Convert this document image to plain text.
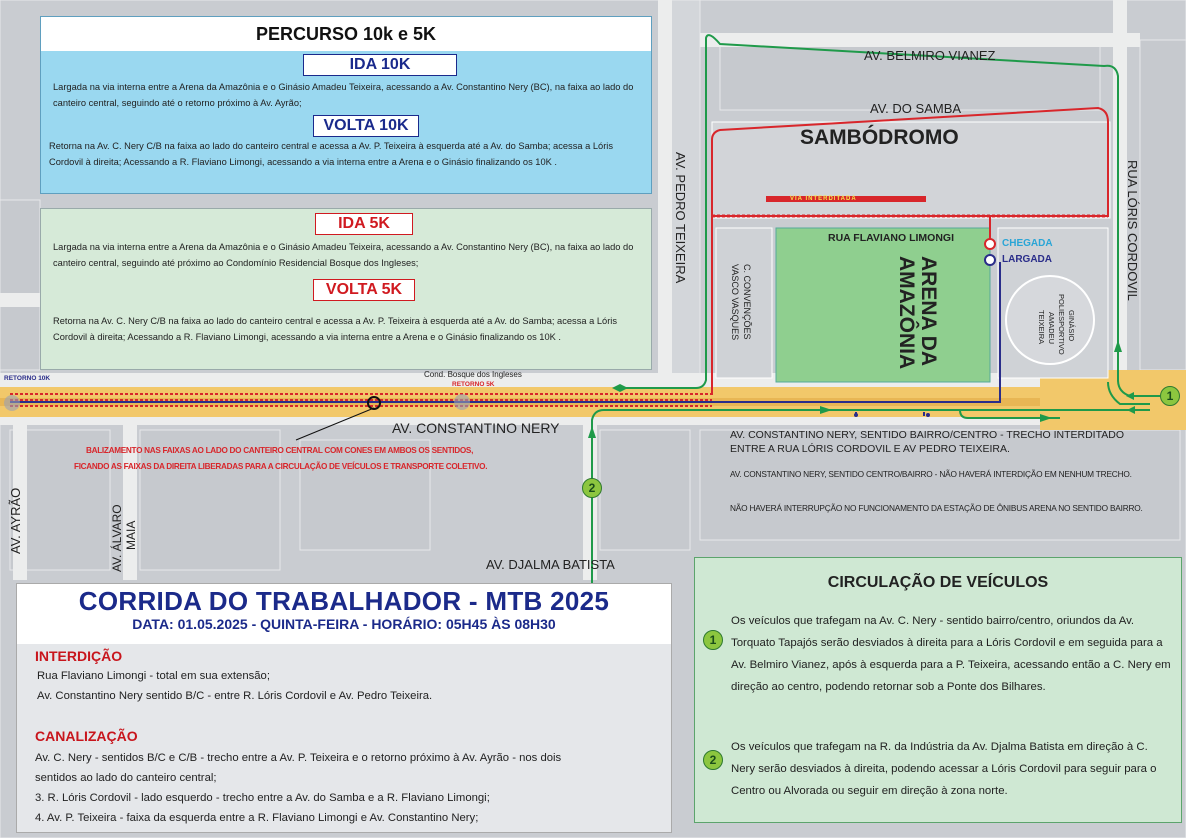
AV. BELMIRO VIANEZ
AV. DO SAMBA
SAMBÓDROMO
VIA INTERDITADA
RUA FLAVIANO LIMONGI	CHEGADA
LARGADA
ARENA DA
AMAZÔNIA
C. CONVENÇÕES
VASCO VASQUES	GINÁSIO
POLIESPORTIVO
AMADEU
TEIXEIRA
AV. PEDRO TEIXEIRA	RUA LÓRIS CORDOVIL
RETORNO 10K	Cond. Bosque dos Ingleses
RETORNO 5K
AV. CONSTANTINO NERY
BALIZAMENTO NAS FAIXAS AO LADO DO CANTEIRO CENTRAL COM CONES EM AMBOS OS SENTIDOS,
FICANDO AS FAIXAS DA DIREITA LIBERADAS PARA A CIRCULAÇÃO DE VEÍCULOS E TRANSPORTE COLETIVO.
AV. CONSTANTINO NERY, SENTIDO BAIRRO/CENTRO - TRECHO INTERDITADO
ENTRE A RUA LÓRIS CORDOVIL E AV PEDRO TEIXEIRA.
AV. CONSTANTINO NERY, SENTIDO CENTRO/BAIRRO - NÃO HAVERÁ INTERDIÇÃO EM NENHUM TRECHO.
NÃO HAVERÁ INTERRUPÇÃO NO FUNCIONAMENTO DA ESTAÇÃO DE ÔNIBUS ARENA NO SENTIDO BAIRRO.
AV. AYRÃO	AV. ÁLVARO MAIA
AV. DJALMA BATISTA
1
2
PERCURSO 10k e 5K
IDA 10K
Largada na via interna entre a Arena da Amazônia e o Ginásio Amadeu Teixeira, acessando a Av. Constantino Nery (BC), na faixa ao lado do canteiro central, seguindo até o retorno próximo à Av. Ayrão;
VOLTA 10K
Retorna na Av. C. Nery C/B na faixa ao lado do canteiro central e acessa a Av. P. Teixeira à esquerda até a Av. do Samba; acessa a Lóris Cordovil à direita; Acessando a R. Flaviano Limongi, acessando a via interna entre a Arena e o Ginásio finalizando os 10K .
IDA 5K
Largada na via interna entre a Arena da Amazônia e o Ginásio Amadeu Teixeira, acessando a Av. Constantino Nery (BC), na faixa ao lado do canteiro central, seguindo até próximo ao Condomínio Residencial Bosque dos Ingleses;
VOLTA 5K
Retorna na Av. C. Nery C/B na faixa ao lado do canteiro central e acessa a Av. P. Teixeira à esquerda até a Av. do Samba; acessa a Lóris Cordovil à direita; Acessando a R. Flaviano Limongi, acessando a via interna entre a Arena e o Ginásio finalizando os 10K .
CORRIDA DO TRABALHADOR - MTB 2025
DATA: 01.05.2025 - QUINTA-FEIRA - HORÁRIO: 05H45 ÀS 08H30
INTERDIÇÃO
Rua Flaviano Limongi - total em sua extensão;
Av. Constantino Nery sentido B/C - entre R. Lóris Cordovil e Av. Pedro Teixeira.
CANALIZAÇÃO
Av. C. Nery - sentidos B/C e C/B - trecho entre a Av. P. Teixeira e o retorno próximo à Av. Ayrão - nos dois
sentidos ao lado do canteiro central;
3. R. Lóris Cordovil - lado esquerdo - trecho entre a Av. do Samba e a R. Flaviano Limongi;
4. Av. P. Teixeira - faixa da esquerda entre a R. Flaviano Limongi e Av. Constantino Nery;
CIRCULAÇÃO DE VEÍCULOS
1
Os veículos que trafegam na Av. C. Nery - sentido bairro/centro, oriundos da Av. Torquato Tapajós serão desviados à direita para a Lóris Cordovil e em seguida para a Av. Belmiro Vianez, após à esquerda para a P. Teixeira, acessando então a C. Nery em direção ao centro, podendo retornar sob a Ponte dos Bilhares.
2
Os veículos que trafegam na R. da Indústria da Av. Djalma Batista em direção à C. Nery serão desviados à direita, podendo acessar a Lóris Cordovil para seguir para o Centro ou Alvorada ou seguir em direção à zona norte.
